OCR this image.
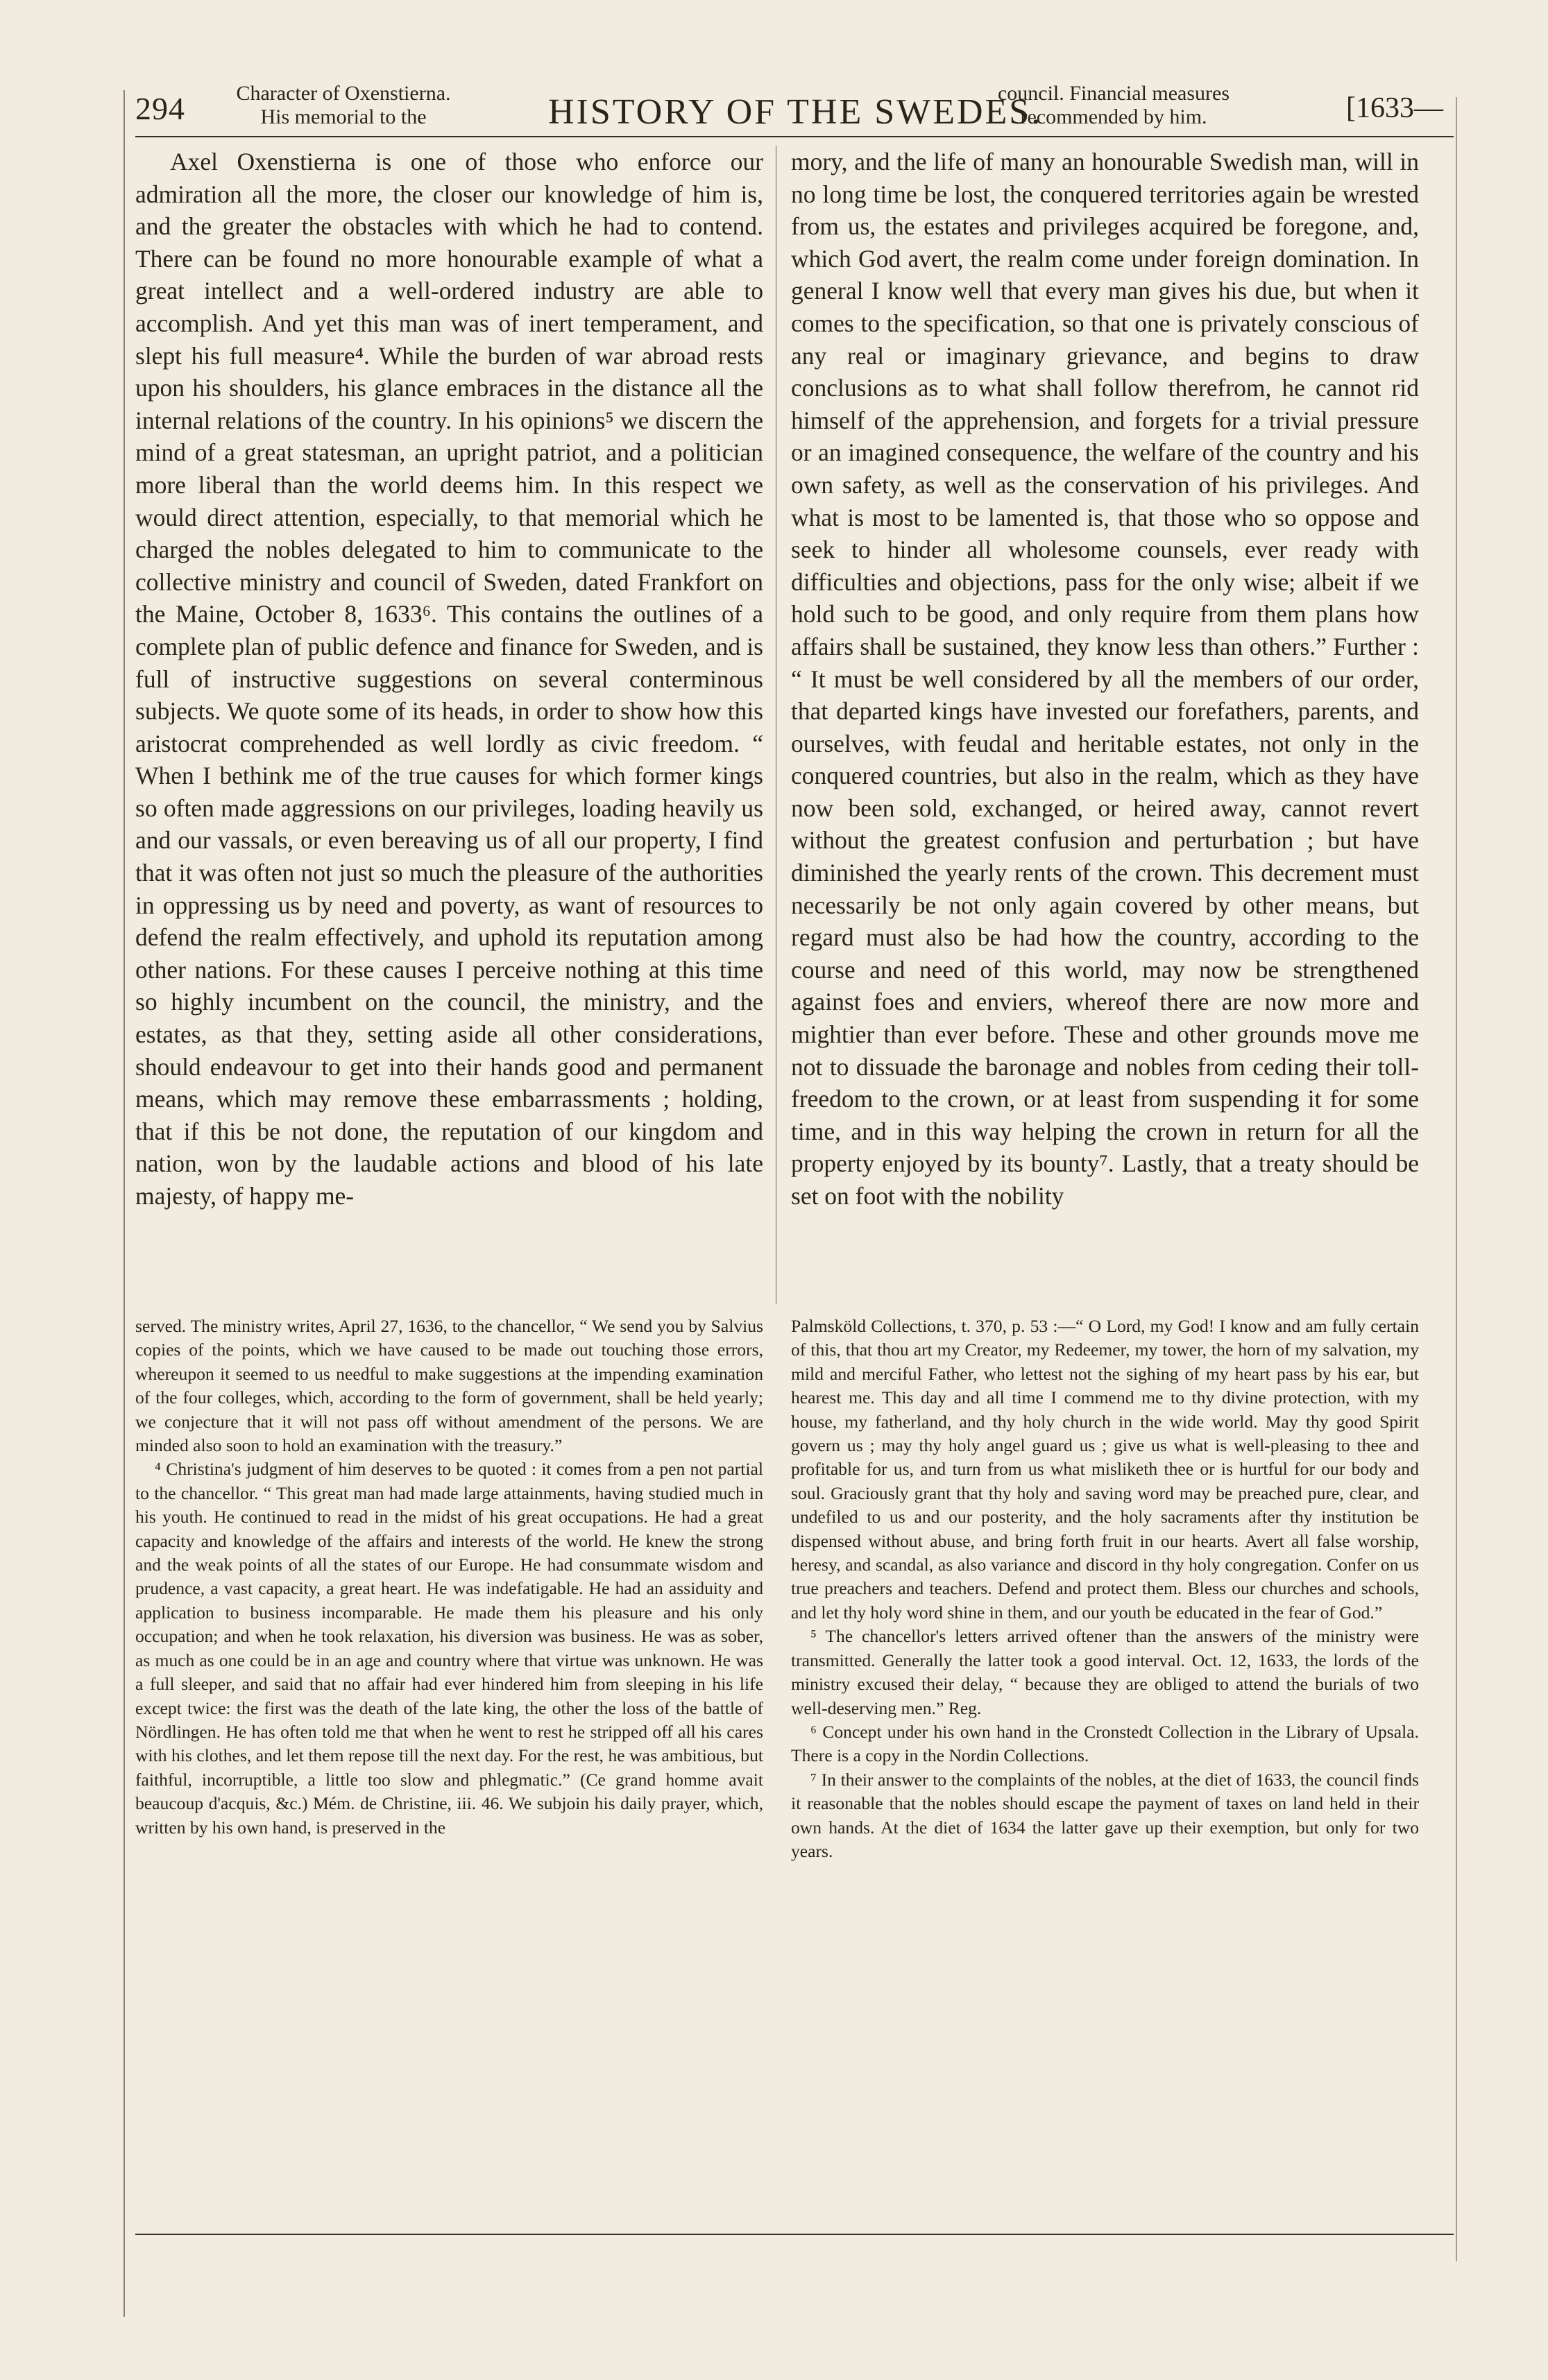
294	Character of Oxenstierna.
His memorial to the	HISTORY OF THE SWEDES.
council. Financial measures
recommended by him.	[1633—

Axel Oxenstierna is one of those who enforce our admiration all the more, the closer our knowledge of him is, and the greater the obstacles with which he had to contend. There can be found no more honourable example of what a great intellect and a well-ordered industry are able to accomplish. And yet this man was of inert temperament, and slept his full measure⁴. While the burden of war abroad rests upon his shoulders, his glance embraces in the distance all the internal relations of the country. In his opinions⁵ we discern the mind of a great statesman, an upright patriot, and a politician more liberal than the world deems him. In this respect we would direct attention, especially, to that memorial which he charged the nobles delegated to him to communicate to the collective ministry and council of Sweden, dated Frankfort on the Maine, October 8, 1633⁶. This contains the outlines of a complete plan of public defence and finance for Sweden, and is full of instructive suggestions on several conterminous subjects. We quote some of its heads, in order to show how this aristocrat comprehended as well lordly as civic freedom. “ When I bethink me of the true causes for which former kings so often made aggressions on our privileges, loading heavily us and our vassals, or even bereaving us of all our property, I find that it was often not just so much the pleasure of the authorities in oppressing us by need and poverty, as want of resources to defend the realm effectively, and uphold its reputation among other nations. For these causes I perceive nothing at this time so highly incumbent on the council, the ministry, and the estates, as that they, setting aside all other considerations, should endeavour to get into their hands good and permanent means, which may remove these embarrassments ; holding, that if this be not done, the reputation of our kingdom and nation, won by the laudable actions and blood of his late majesty, of happy me-

mory, and the life of many an honourable Swedish man, will in no long time be lost, the conquered territories again be wrested from us, the estates and privileges acquired be foregone, and, which God avert, the realm come under foreign domination. In general I know well that every man gives his due, but when it comes to the specification, so that one is privately conscious of any real or imaginary grievance, and begins to draw conclusions as to what shall follow therefrom, he cannot rid himself of the apprehension, and forgets for a trivial pressure or an imagined consequence, the welfare of the country and his own safety, as well as the conservation of his privileges. And what is most to be lamented is, that those who so oppose and seek to hinder all wholesome counsels, ever ready with difficulties and objections, pass for the only wise; albeit if we hold such to be good, and only require from them plans how affairs shall be sustained, they know less than others.” Further : “ It must be well considered by all the members of our order, that departed kings have invested our forefathers, parents, and ourselves, with feudal and heritable estates, not only in the conquered countries, but also in the realm, which as they have now been sold, exchanged, or heired away, cannot revert without the greatest confusion and perturbation ; but have diminished the yearly rents of the crown. This decrement must necessarily be not only again covered by other means, but regard must also be had how the country, according to the course and need of this world, may now be strengthened against foes and enviers, whereof there are now more and mightier than ever before. These and other grounds move me not to dissuade the baronage and nobles from ceding their toll-freedom to the crown, or at least from suspending it for some time, and in this way helping the crown in return for all the property enjoyed by its bounty⁷. Lastly, that a treaty should be set on foot with the nobility

served. The ministry writes, April 27, 1636, to the chancellor, “ We send you by Salvius copies of the points, which we have caused to be made out touching those errors, whereupon it seemed to us needful to make suggestions at the impending examination of the four colleges, which, according to the form of government, shall be held yearly; we conjecture that it will not pass off without amendment of the persons. We are minded also soon to hold an examination with the treasury.”

⁴ Christina's judgment of him deserves to be quoted : it comes from a pen not partial to the chancellor. “ This great man had made large attainments, having studied much in his youth. He continued to read in the midst of his great occupations. He had a great capacity and knowledge of the affairs and interests of the world. He knew the strong and the weak points of all the states of our Europe. He had consummate wisdom and prudence, a vast capacity, a great heart. He was indefatigable. He had an assiduity and application to business incomparable. He made them his pleasure and his only occupation; and when he took relaxation, his diversion was business. He was as sober, as much as one could be in an age and country where that virtue was unknown. He was a full sleeper, and said that no affair had ever hindered him from sleeping in his life except twice: the first was the death of the late king, the other the loss of the battle of Nördlingen. He has often told me that when he went to rest he stripped off all his cares with his clothes, and let them repose till the next day. For the rest, he was ambitious, but faithful, incorruptible, a little too slow and phlegmatic.” (Ce grand homme avait beaucoup d'acquis, &c.) Mém. de Christine, iii. 46. We subjoin his daily prayer, which, written by his own hand, is preserved in the

Palmsköld Collections, t. 370, p. 53 :—“ O Lord, my God! I know and am fully certain of this, that thou art my Creator, my Redeemer, my tower, the horn of my salvation, my mild and merciful Father, who lettest not the sighing of my heart pass by his ear, but hearest me. This day and all time I commend me to thy divine protection, with my house, my fatherland, and thy holy church in the wide world. May thy good Spirit govern us ; may thy holy angel guard us ; give us what is well-pleasing to thee and profitable for us, and turn from us what misliketh thee or is hurtful for our body and soul. Graciously grant that thy holy and saving word may be preached pure, clear, and undefiled to us and our posterity, and the holy sacraments after thy institution be dispensed without abuse, and bring forth fruit in our hearts. Avert all false worship, heresy, and scandal, as also variance and discord in thy holy congregation. Confer on us true preachers and teachers. Defend and protect them. Bless our churches and schools, and let thy holy word shine in them, and our youth be educated in the fear of God.”

⁵ The chancellor's letters arrived oftener than the answers of the ministry were transmitted. Generally the latter took a good interval. Oct. 12, 1633, the lords of the ministry excused their delay, “ because they are obliged to attend the burials of two well-deserving men.” Reg.

⁶ Concept under his own hand in the Cronstedt Collection in the Library of Upsala. There is a copy in the Nordin Collections.

⁷ In their answer to the complaints of the nobles, at the diet of 1633, the council finds it reasonable that the nobles should escape the payment of taxes on land held in their own hands. At the diet of 1634 the latter gave up their exemption, but only for two years.
